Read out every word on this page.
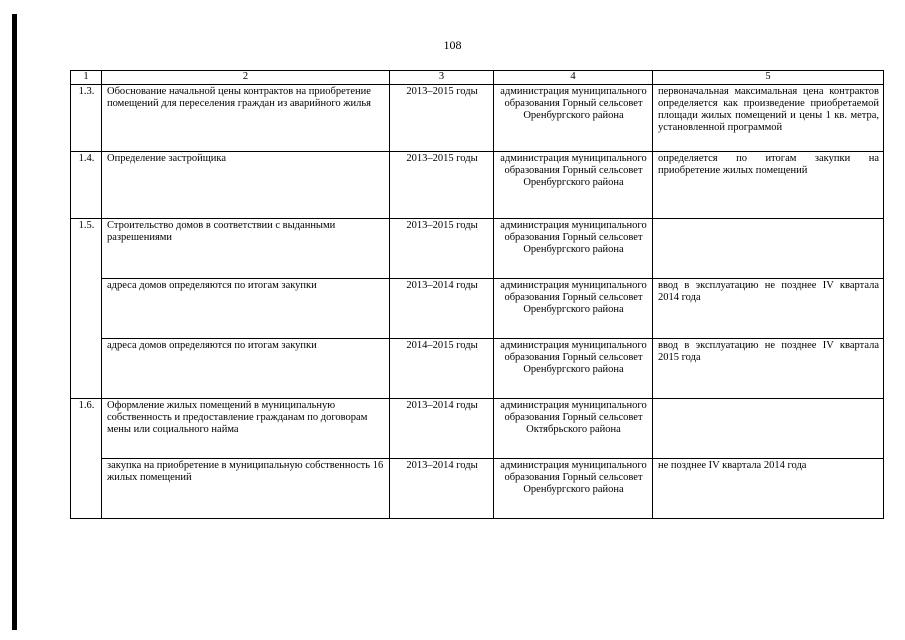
108
1	2	3	4	5
1.3.	Обоснование начальной цены контрактов на приобретение помещений для переселения граждан из аварийного жилья	2013–2015 годы	администрация муниципального образования Горный сельсовет Оренбургского района	первоначальная максимальная цена контрактов определяется как произведение приобретаемой площади жилых помещений и цены 1 кв. метра, установленной программой
1.4.	Определение застройщика	2013–2015 годы	администрация муниципального образования Горный сельсовет Оренбургского района	определяется по итогам закупки на приобретение жилых помещений
1.5.	Строительство домов в соответствии с выданными разрешениями	2013–2015 годы	администрация муниципального образования Горный сельсовет Оренбургского района	
	адреса домов определяются по итогам закупки	2013–2014 годы	администрация муниципального образования Горный сельсовет Оренбургского района	ввод в эксплуатацию не позднее IV квартала 2014 года
	адреса домов определяются по итогам закупки	2014–2015 годы	администрация муниципального образования Горный сельсовет Оренбургского района	ввод в эксплуатацию не позднее IV квартала 2015 года
1.6.	Оформление жилых помещений в муниципальную собственность и предоставление гражданам по договорам мены или социального найма	2013–2014 годы	администрация муниципального образования Горный сельсовет Октябрьского района	
	закупка на приобретение в муниципальную собственность 16 жилых помещений	2013–2014 годы	администрация муниципального образования Горный сельсовет Оренбургского района	не позднее IV квартала 2014 года
